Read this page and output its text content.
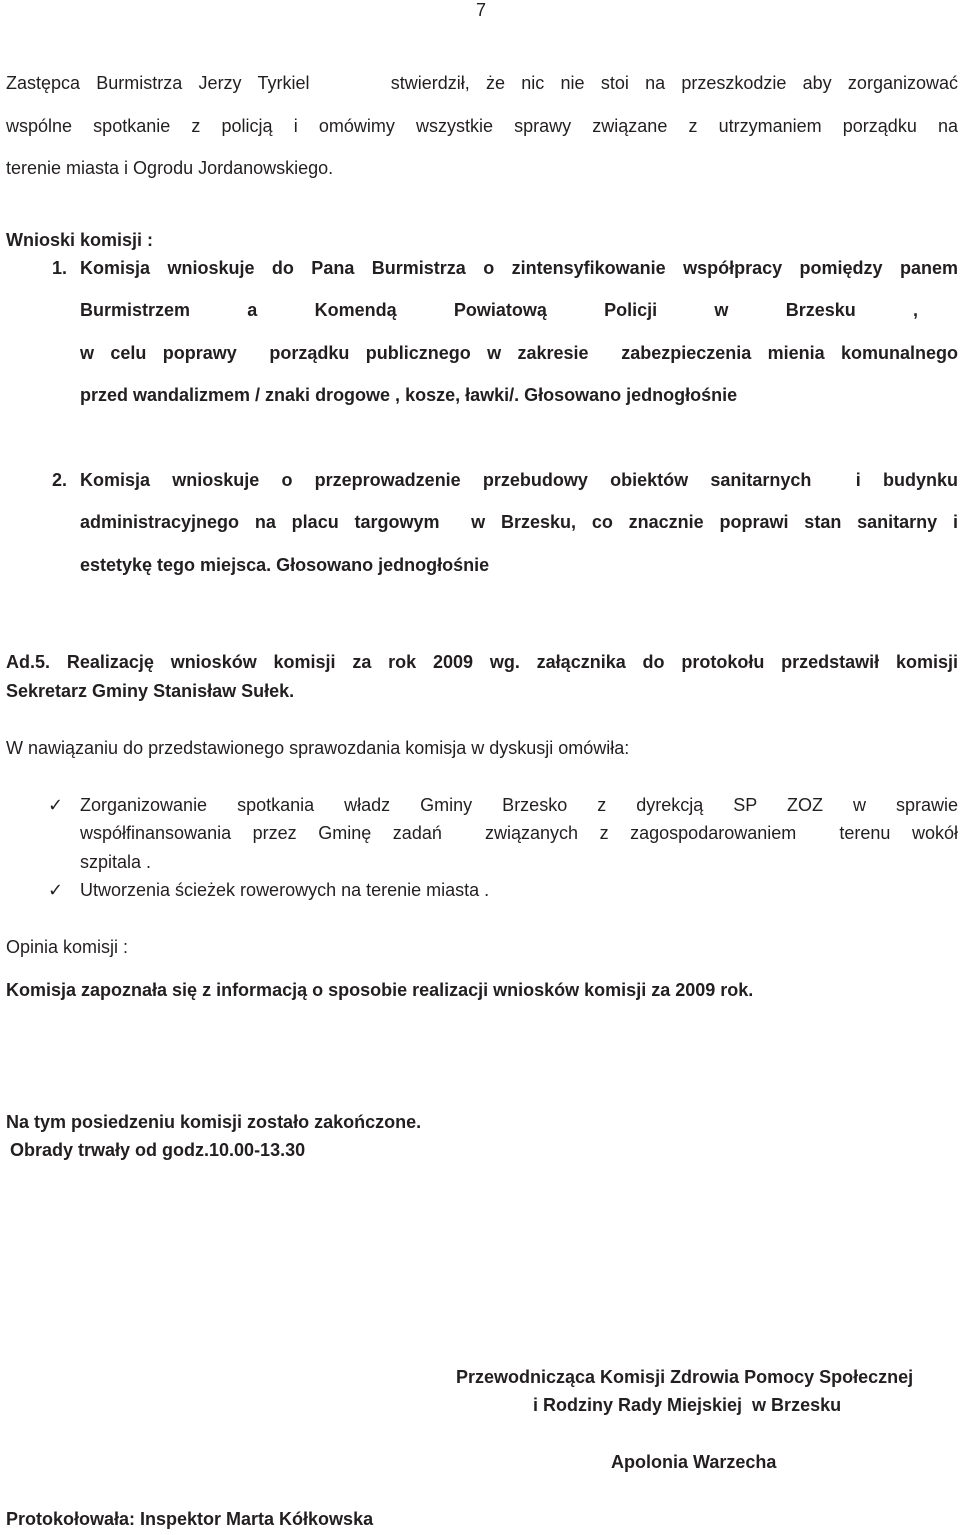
7
Zastępca Burmistrza Jerzy Tyrkiel     stwierdził, że nic nie stoi na przeszkodzie aby zorganizować
wspólne spotkanie z policją i omówimy wszystkie sprawy związane z utrzymaniem porządku na
terenie miasta i Ogrodu Jordanowskiego.
Wnioski komisji :
1. Komisja wnioskuje do Pana Burmistrza o zintensyfikowanie współpracy pomiędzy panem
Burmistrzem a Komendą Powiatową Policji w Brzesku ,
w celu poprawy  porządku publicznego w zakresie  zabezpieczenia mienia komunalnego
przed wandalizmem / znaki drogowe , kosze, ławki/. Głosowano jednogłośnie
2. Komisja wnioskuje o przeprowadzenie przebudowy obiektów sanitarnych  i budynku
administracyjnego na placu targowym  w Brzesku, co znacznie poprawi stan sanitarny i
estetykę tego miejsca. Głosowano jednogłośnie
Ad.5. Realizację wniosków komisji za rok 2009 wg. załącznika do protokołu przedstawił komisji
Sekretarz Gminy Stanisław Sułek.
W nawiązaniu do przedstawionego sprawozdania komisja w dyskusji omówiła:
✓ Zorganizowanie spotkania władz Gminy Brzesko z dyrekcją SP ZOZ w sprawie
współfinansowania przez Gminę zadań  związanych z zagospodarowaniem  terenu wokół
szpitala .
✓ Utworzenia ścieżek rowerowych na terenie miasta .
Opinia komisji :
Komisja zapoznała się z informacją o sposobie realizacji wniosków komisji za 2009 rok.
Na tym posiedzeniu komisji zostało zakończone.
Obrady trwały od godz.10.00-13.30
Przewodnicząca Komisji Zdrowia Pomocy Społecznej
i Rodziny Rady Miejskiej  w Brzesku
Apolonia Warzecha
Protokołowała: Inspektor Marta Kółkowska
